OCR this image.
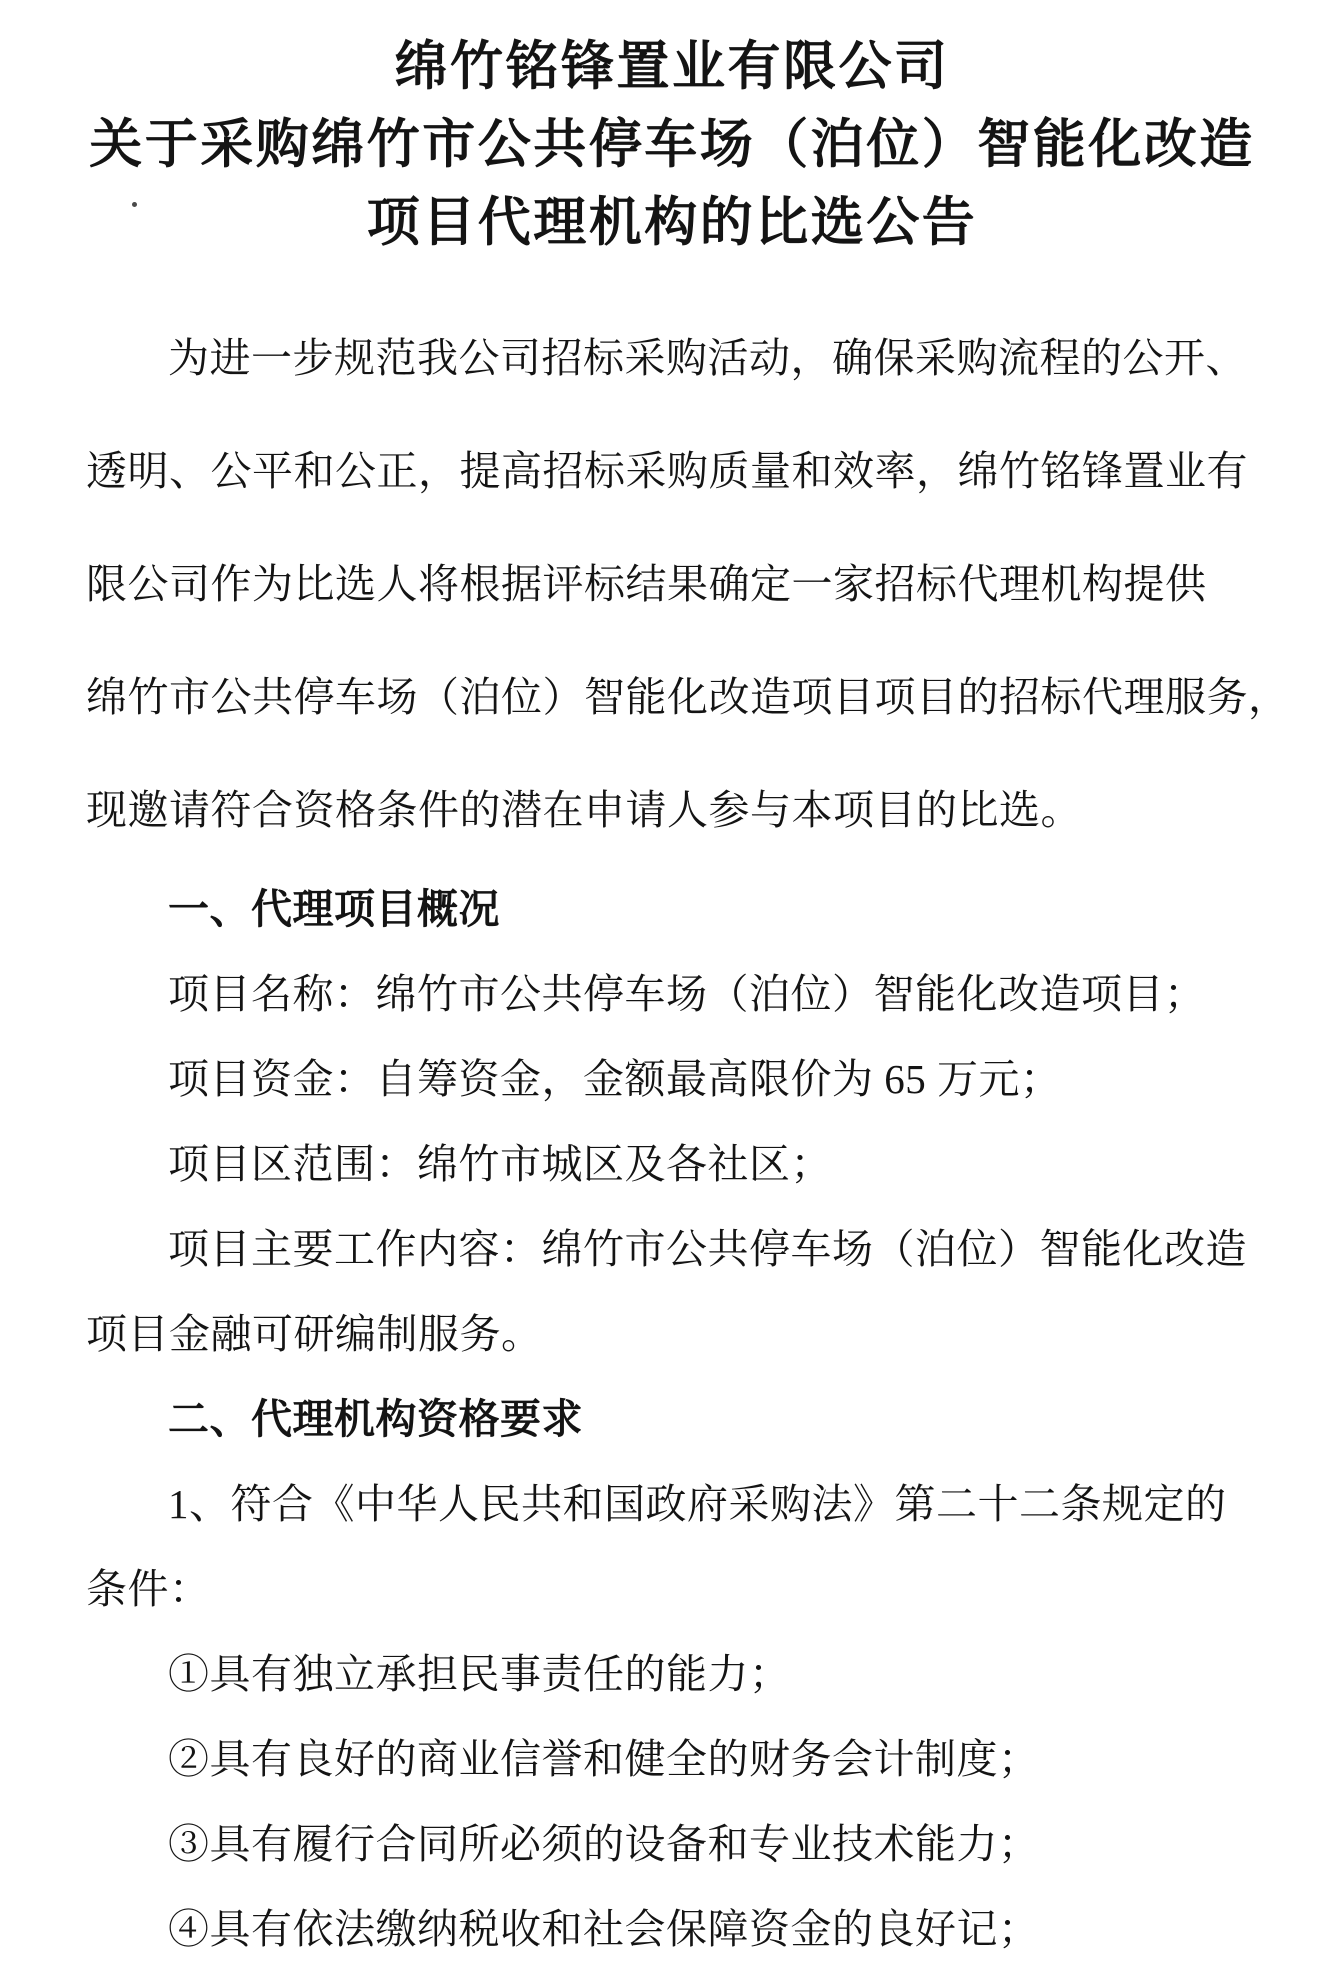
绵竹铭锋置业有限公司
关于采购绵竹市公共停车场（泊位）智能化改造
项目代理机构的比选公告
为进一步规范我公司招标采购活动，确保采购流程的公开、
透明、公平和公正，提高招标采购质量和效率，绵竹铭锋置业有
限公司作为比选人将根据评标结果确定一家招标代理机构提供
绵竹市公共停车场（泊位）智能化改造项目项目的招标代理服务，
现邀请符合资格条件的潜在申请人参与本项目的比选。
一、代理项目概况
项目名称：绵竹市公共停车场（泊位）智能化改造项目；
项目资金：自筹资金，金额最高限价为 65 万元；
项目区范围：绵竹市城区及各社区；
项目主要工作内容：绵竹市公共停车场（泊位）智能化改造
项目金融可研编制服务。
二、代理机构资格要求
1、符合《中华人民共和国政府采购法》第二十二条规定的
条件：
①具有独立承担民事责任的能力；
②具有良好的商业信誉和健全的财务会计制度；
③具有履行合同所必须的设备和专业技术能力；
④具有依法缴纳税收和社会保障资金的良好记；
